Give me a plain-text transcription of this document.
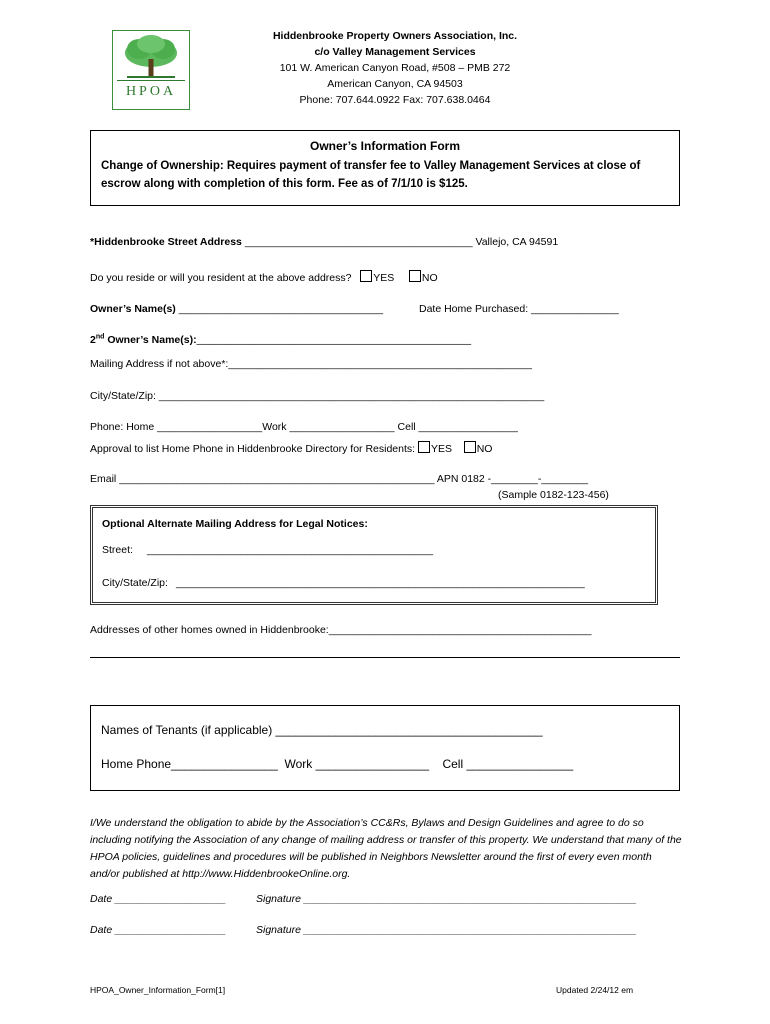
HPOA
Hiddenbrooke Property Owners Association, Inc.
c/o Valley Management Services
101 W. American Canyon Road, #508 – PMB 272
American Canyon, CA 94503
Phone: 707.644.0922 Fax: 707.638.0464
Owner’s Information Form
Change of Ownership: Requires payment of transfer fee to Valley Management Services at close of escrow along with completion of this form. Fee as of 7/1/10 is $125.
*Hiddenbrooke Street Address _______________________________________ Vallejo, CA 94591
Do you reside or will you resident at the above address? YES	NO
Owner’s Name(s) ___________________________________	Date Home Purchased: _______________
2nd Owner’s Name(s):_______________________________________________
Mailing Address if not above*:____________________________________________________
City/State/Zip: __________________________________________________________________
Phone: Home __________________Work __________________ Cell _________________
Approval to list Home Phone in Hiddenbrooke Directory for Residents: YES NO
Email ______________________________________________________ APN 0182 -________-________
(Sample 0182-123-456)
Optional Alternate Mailing Address for Legal Notices:
Street: _________________________________________________
City/State/Zip: ______________________________________________________________________
Addresses of other homes owned in Hiddenbrooke:_____________________________________________
Names of Tenants (if applicable) ________________________________________
Home Phone________________ Work _________________ Cell ________________
I/We understand the obligation to abide by the Association’s CC&Rs, Bylaws and Design Guidelines and agree to do so including notifying the Association of any change of mailing address or transfer of this property. We understand that many of the HPOA policies, guidelines and procedures will be published in Neighbors Newsletter around the first of every even month and/or published at http://www.HiddenbrookeOnline.org.
Date ___________________	Signature _________________________________________________________
Date ___________________	Signature _________________________________________________________
HPOA_Owner_Information_Form[1]	Updated 2/24/12 em
